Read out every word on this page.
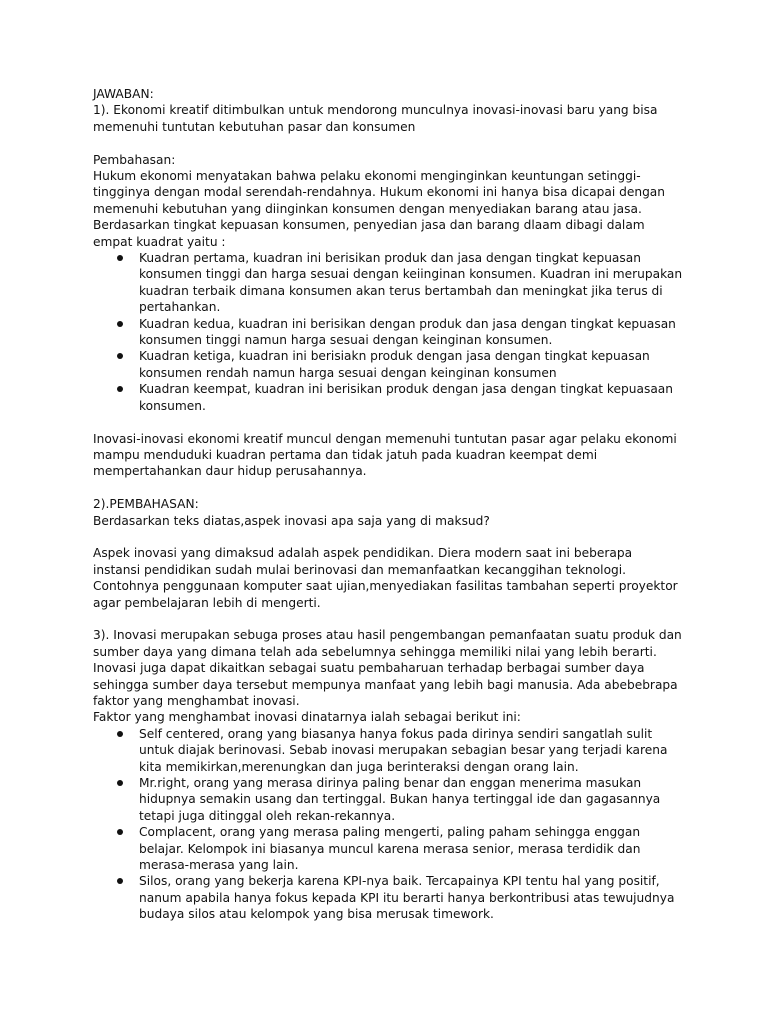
JAWABAN:

1). Ekonomi kreatif ditimbulkan untuk mendorong munculnya inovasi-inovasi baru yang bisa memenuhi tuntutan kebutuhan pasar dan konsumen

Pembahasan:

Hukum ekonomi menyatakan bahwa pelaku ekonomi menginginkan keuntungan setinggi-tingginya dengan modal serendah-rendahnya. Hukum ekonomi ini hanya bisa dicapai dengan memenuhi kebutuhan yang diinginkan konsumen dengan menyediakan barang atau jasa. Berdasarkan tingkat kepuasan konsumen, penyedian jasa dan barang dlaam dibagi dalam empat kuadrat yaitu :

Kuadran pertama, kuadran ini berisikan produk dan jasa dengan tingkat kepuasan konsumen tinggi dan harga sesuai dengan keiinginan konsumen. Kuadran ini merupakan kuadran terbaik dimana konsumen akan terus bertambah dan meningkat jika terus di pertahankan.
Kuadran kedua, kuadran ini berisikan dengan produk dan jasa dengan tingkat kepuasan konsumen tinggi namun harga sesuai dengan keinginan konsumen.
Kuadran ketiga, kuadran ini berisiakn produk dengan jasa dengan tingkat kepuasan konsumen rendah namun harga sesuai dengan keinginan konsumen
Kuadran keempat, kuadran ini berisikan produk dengan jasa dengan tingkat kepuasaan konsumen.

Inovasi-inovasi ekonomi kreatif muncul dengan memenuhi tuntutan pasar agar pelaku ekonomi mampu menduduki kuadran pertama dan tidak jatuh pada kuadran keempat demi mempertahankan daur hidup perusahannya.

2).PEMBAHASAN:

Berdasarkan teks diatas,aspek inovasi apa saja yang di maksud?

Aspek inovasi yang dimaksud adalah aspek pendidikan. Diera modern saat ini beberapa instansi pendidikan sudah mulai berinovasi dan memanfaatkan kecanggihan teknologi. Contohnya penggunaan komputer saat ujian,menyediakan fasilitas tambahan seperti proyektor agar pembelajaran lebih di mengerti.

3). Inovasi merupakan sebuga proses atau hasil pengembangan pemanfaatan suatu produk dan sumber daya yang dimana telah ada sebelumnya sehingga memiliki nilai yang lebih berarti. Inovasi juga dapat dikaitkan sebagai suatu pembaharuan terhadap berbagai sumber daya sehingga sumber daya tersebut mempunya manfaat yang lebih bagi manusia. Ada abebebrapa faktor yang menghambat inovasi.

Faktor yang menghambat inovasi dinatarnya ialah sebagai berikut ini:

Self centered, orang yang biasanya hanya fokus pada dirinya sendiri sangatlah sulit untuk diajak berinovasi. Sebab inovasi merupakan sebagian besar yang terjadi karena kita memikirkan,merenungkan dan juga berinteraksi dengan orang lain.
Mr.right, orang yang merasa dirinya paling benar dan enggan menerima masukan hidupnya semakin usang dan tertinggal. Bukan hanya tertinggal ide dan gagasannya tetapi juga ditinggal oleh rekan-rekannya.
Complacent, orang yang merasa paling mengerti, paling paham sehingga enggan belajar. Kelompok ini biasanya muncul karena merasa senior, merasa terdidik dan merasa-merasa yang lain.
Silos, orang yang bekerja karena KPI-nya baik. Tercapainya KPI tentu hal yang positif, nanum apabila hanya fokus kepada KPI itu berarti hanya berkontribusi atas tewujudnya budaya silos atau kelompok yang bisa merusak timework.
